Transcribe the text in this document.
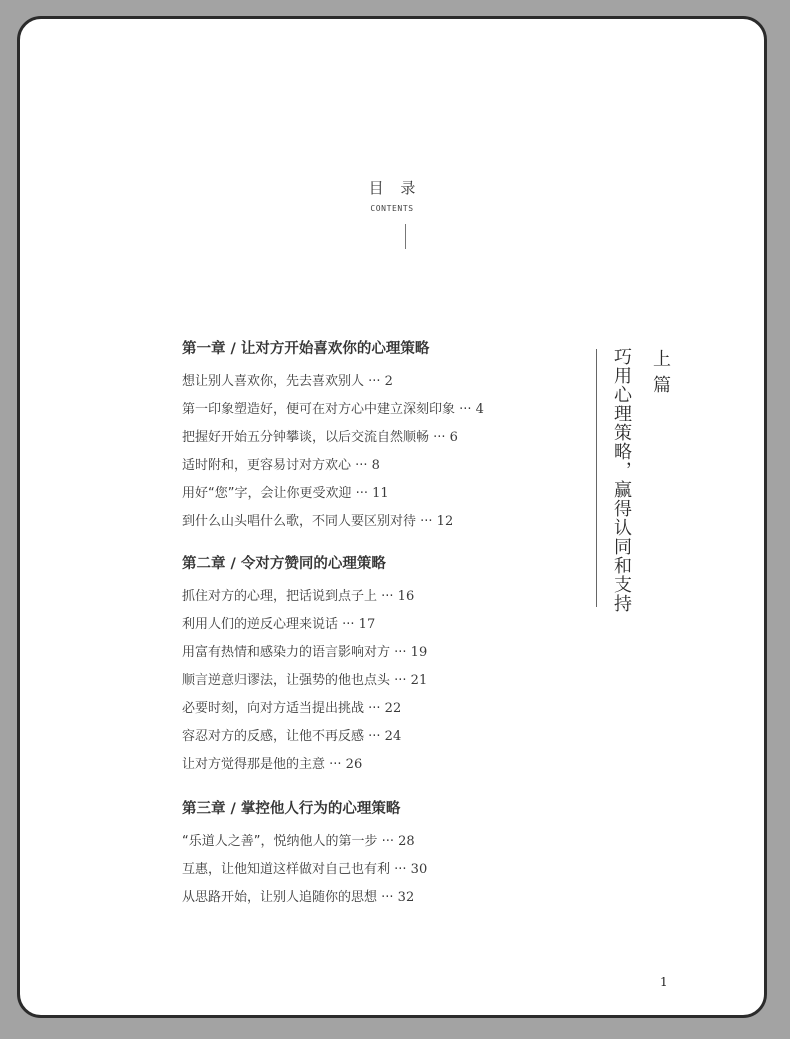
目 录
CONTENTS
第一章 / 让对方开始喜欢你的心理策略
想让别人喜欢你，先去喜欢别人 ··· 2
第一印象塑造好，便可在对方心中建立深刻印象 ··· 4
把握好开始五分钟攀谈，以后交流自然顺畅 ··· 6
适时附和，更容易讨对方欢心 ··· 8
用好“您”字，会让你更受欢迎 ··· 11
到什么山头唱什么歌，不同人要区别对待 ··· 12
第二章 / 令对方赞同的心理策略
抓住对方的心理，把话说到点子上 ··· 16
利用人们的逆反心理来说话 ··· 17
用富有热情和感染力的语言影响对方 ··· 19
顺言逆意归谬法，让强势的他也点头 ··· 21
必要时刻，向对方适当提出挑战 ··· 22
容忍对方的反感，让他不再反感 ··· 24
让对方觉得那是他的主意 ··· 26
第三章 / 掌控他人行为的心理策略
“乐道人之善”，悦纳他人的第一步 ··· 28
互惠，让他知道这样做对自己也有利 ··· 30
从思路开始，让别人追随你的思想 ··· 32
巧用心理策略，赢得认同和支持 上篇
1
